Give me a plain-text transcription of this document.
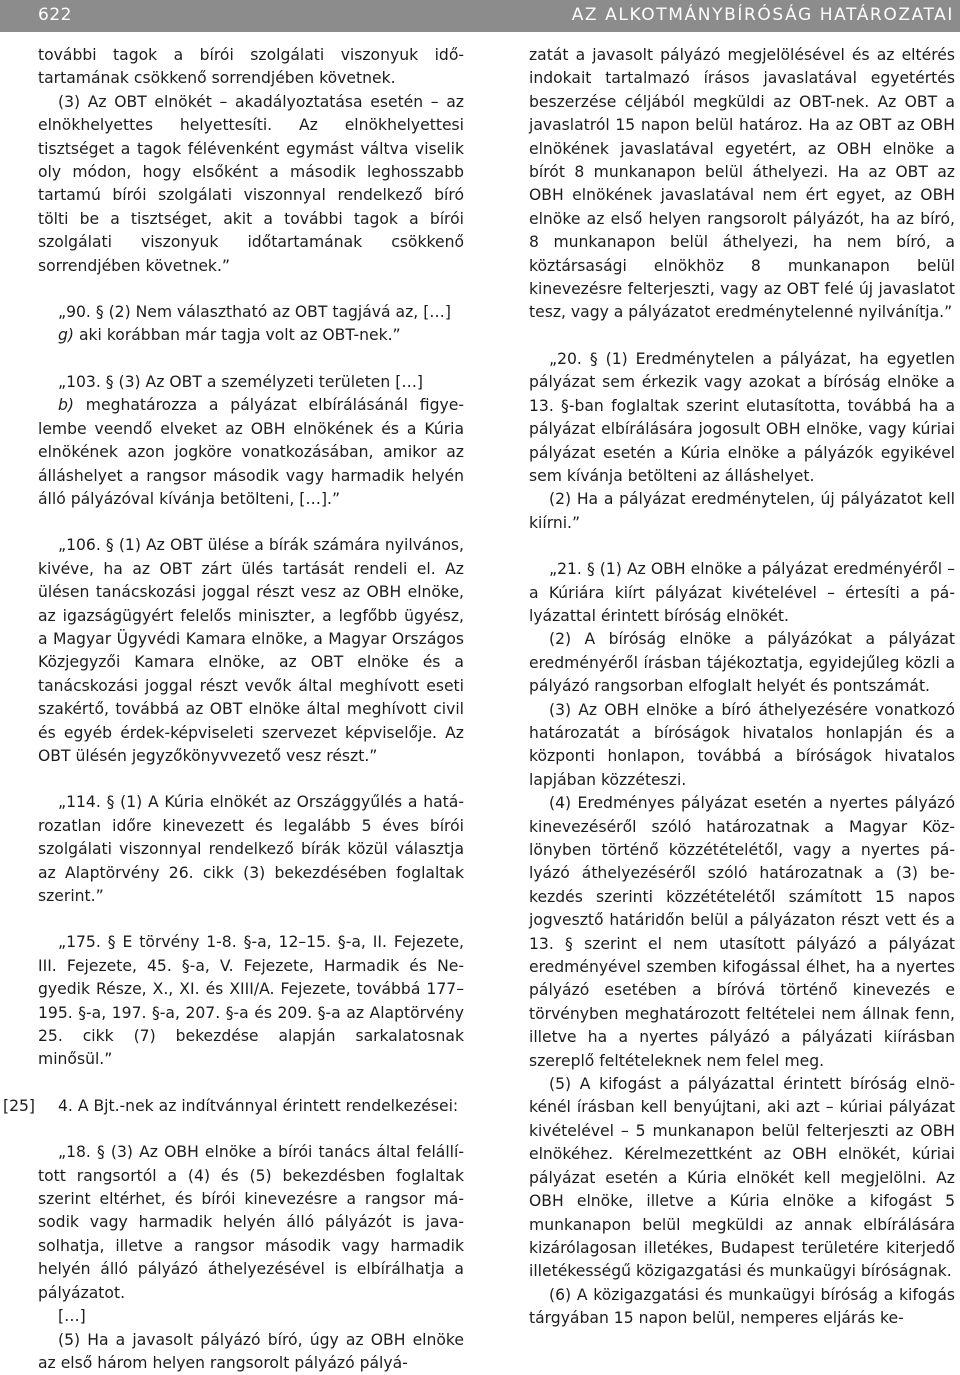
622	AZ ALKOTMÁNYBÍRÓSÁG HATÁROZATAI

további tagok a bírói szolgálati viszonyuk időtartamának csökkenő sorrendjében követnek.

(3) Az OBT elnökét – akadályoztatása esetén – az elnökhelyettes helyettesíti. Az elnökhelyettesi tisztséget a tagok félévenként egymást váltva viselik oly módon, hogy elsőként a második leghosszabb tartamú bírói szolgálati viszonnyal rendelkező bíró tölti be a tisztséget, akit a további tagok a bírói szolgálati viszonyuk időtartamának csökkenő sorrendjében követnek.”

„90. § (2) Nem választható az OBT tagjává az, […]

g) aki korábban már tagja volt az OBT-nek.”

„103. § (3) Az OBT a személyzeti területen […]

b) meghatározza a pályázat elbírálásánál figyelembe veendő elveket az OBH elnökének és a Kúria elnökének azon jogköre vonatkozásában, amikor az álláshelyet a rangsor második vagy harmadik helyén álló pályázóval kívánja betölteni, […].”

„106. § (1) Az OBT ülése a bírák számára nyilvános, kivéve, ha az OBT zárt ülés tartását rendeli el. Az ülésen tanácskozási joggal részt vesz az OBH elnöke, az igazságügyért felelős miniszter, a legfőbb ügyész, a Magyar Ügyvédi Kamara elnöke, a Magyar Országos Közjegyzői Kamara elnöke, az OBT elnöke és a tanácskozási joggal részt vevők által meghívott eseti szakértő, továbbá az OBT elnöke által meghívott civil és egyéb érdek-képviseleti szervezet képviselője. Az OBT ülésén jegyzőkönyvvezető vesz részt.”

„114. § (1) A Kúria elnökét az Országgyűlés a határozatlan időre kinevezett és legalább 5 éves bírói szolgálati viszonnyal rendelkező bírák közül választja az Alaptörvény 26. cikk (3) bekezdésében foglaltak szerint.”

„175. § E törvény 1-8. §-a, 12–15. §-a, II. Fejezete, III. Fejezete, 45. §-a, V. Fejezete, Harmadik és Negyedik Része, X., XI. és XIII/A. Fejezete, továbbá 177–195. §-a, 197. §-a, 207. §-a és 209. §-a az Alaptörvény 25. cikk (7) bekezdése alapján sarkalatosnak minősül.”

[25] 4. A Bjt.-nek az indítvánnyal érintett rendelkezései:

„18. § (3) Az OBH elnöke a bírói tanács által felállított rangsortól a (4) és (5) bekezdésben foglaltak szerint eltérhet, és bírói kinevezésre a rangsor második vagy harmadik helyén álló pályázót is javasolhatja, illetve a rangsor második vagy harmadik helyén álló pályázó áthelyezésével is elbírálhatja a pályázatot.

[…]

(5) Ha a javasolt pályázó bíró, úgy az OBH elnöke az első három helyen rangsorolt pályázó pályá-

zatát a javasolt pályázó megjelölésével és az eltérés indokait tartalmazó írásos javaslatával egyetértés beszerzése céljából megküldi az OBT-nek. Az OBT a javaslatról 15 napon belül határoz. Ha az OBT az OBH elnökének javaslatával egyetért, az OBH elnöke a bírót 8 munkanapon belül áthelyezi. Ha az OBT az OBH elnökének javaslatával nem ért egyet, az OBH elnöke az első helyen rangsorolt pályázót, ha az bíró, 8 munkanapon belül áthelyezi, ha nem bíró, a köztársasági elnökhöz 8 munkanapon belül kinevezésre felterjeszti, vagy az OBT felé új javaslatot tesz, vagy a pályázatot eredménytelenné nyilvánítja.”

„20. § (1) Eredménytelen a pályázat, ha egyetlen pályázat sem érkezik vagy azokat a bíróság elnöke a 13. §-ban foglaltak szerint elutasította, továbbá ha a pályázat elbírálására jogosult OBH elnöke, vagy kúriai pályázat esetén a Kúria elnöke a pályázók egyikével sem kívánja betölteni az álláshelyet.

(2) Ha a pályázat eredménytelen, új pályázatot kell kiírni.”

„21. § (1) Az OBH elnöke a pályázat eredményéről – a Kúriára kiírt pályázat kivételével – értesíti a pályázattal érintett bíróság elnökét.

(2) A bíróság elnöke a pályázókat a pályázat eredményéről írásban tájékoztatja, egyidejűleg közli a pályázó rangsorban elfoglalt helyét és pontszámát.

(3) Az OBH elnöke a bíró áthelyezésére vonatkozó határozatát a bíróságok hivatalos honlapján és a központi honlapon, továbbá a bíróságok hivatalos lapjában közzéteszi.

(4) Eredményes pályázat esetén a nyertes pályázó kinevezéséről szóló határozatnak a Magyar Közlönyben történő közzétételétől, vagy a nyertes pályázó áthelyezéséről szóló határozatnak a (3) bekezdés szerinti közzétételétől számított 15 napos jogvesztő határidőn belül a pályázaton részt vett és a 13. § szerint el nem utasított pályázó a pályázat eredményével szemben kifogással élhet, ha a nyertes pályázó esetében a bíróvá történő kinevezés e törvényben meghatározott feltételei nem állnak fenn, illetve ha a nyertes pályázó a pályázati kiírásban szereplő feltételeknek nem felel meg.

(5) A kifogást a pályázattal érintett bíróság elnökénél írásban kell benyújtani, aki azt – kúriai pályázat kivételével – 5 munkanapon belül felterjeszti az OBH elnökéhez. Kérelmezettként az OBH elnökét, kúriai pályázat esetén a Kúria elnökét kell megjelölni. Az OBH elnöke, illetve a Kúria elnöke a kifogást 5 munkanapon belül megküldi az annak elbírálására kizárólagosan illetékes, Budapest területére kiterjedő illetékességű közigazgatási és munkaügyi bíróságnak.

(6) A közigazgatási és munkaügyi bíróság a kifogás tárgyában 15 napon belül, nemperes eljárás ke-
